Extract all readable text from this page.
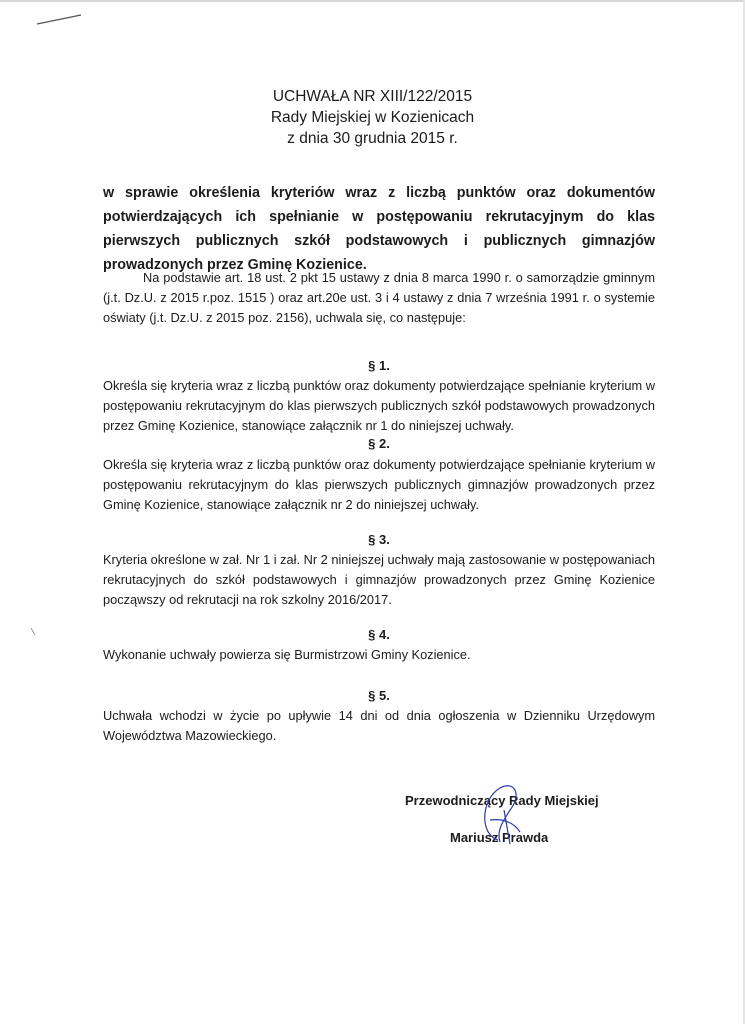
UCHWAŁA NR XIII/122/2015
Rady Miejskiej w Kozienicach
z dnia 30 grudnia 2015 r.
w sprawie określenia kryteriów wraz z liczbą punktów oraz dokumentów potwierdzających ich spełnianie w postępowaniu rekrutacyjnym do klas pierwszych publicznych szkół podstawowych i publicznych gimnazjów prowadzonych przez Gminę Kozienice.
Na podstawie art. 18 ust. 2 pkt 15 ustawy z dnia 8 marca 1990 r. o samorządzie gminnym (j.t. Dz.U. z 2015 r.poz. 1515 ) oraz art.20e ust. 3 i 4 ustawy z dnia 7 września 1991 r. o systemie oświaty (j.t. Dz.U. z 2015 poz. 2156), uchwala się, co następuje:
§ 1.
Określa się kryteria wraz z liczbą punktów oraz dokumenty potwierdzające spełnianie kryterium w postępowaniu rekrutacyjnym do klas pierwszych publicznych szkół podstawowych prowadzonych przez Gminę Kozienice, stanowiące załącznik nr 1 do niniejszej uchwały.
§ 2.
Określa się kryteria wraz z liczbą punktów oraz dokumenty potwierdzające spełnianie kryterium w postępowaniu rekrutacyjnym do klas pierwszych publicznych gimnazjów prowadzonych przez Gminę Kozienice, stanowiące załącznik nr 2 do niniejszej uchwały.
§ 3.
Kryteria określone w zał. Nr 1 i zał. Nr 2 niniejszej uchwały mają zastosowanie w postępowaniach rekrutacyjnych do szkół podstawowych i gimnazjów prowadzonych przez Gminę Kozienice począwszy od rekrutacji na rok szkolny 2016/2017.
§ 4.
Wykonanie uchwały powierza się Burmistrzowi Gminy Kozienice.
§ 5.
Uchwała wchodzi w życie po upływie 14 dni od dnia ogłoszenia w Dzienniku Urzędowym Województwa Mazowieckiego.
Przewodniczący Rady Miejskiej
Mariusz Prawda
